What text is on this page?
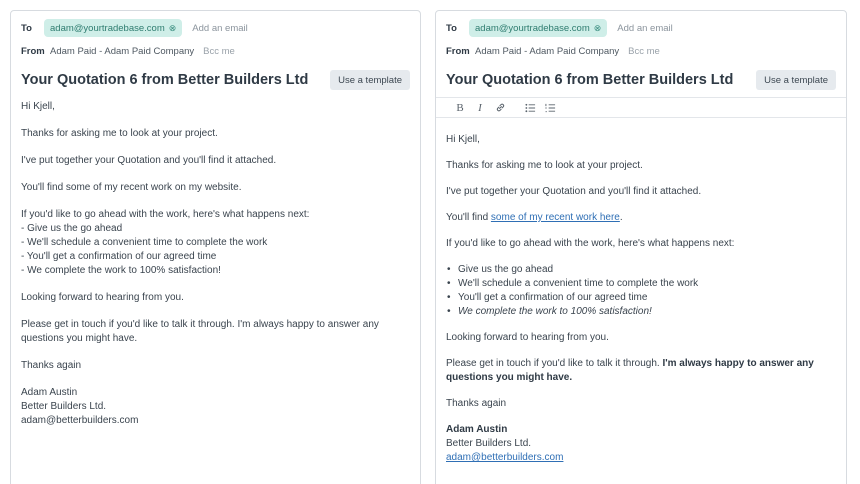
To	adam@yourtradebase.com ⊗ Add an email
From Adam Paid - Adam Paid Company Bcc me
Your Quotation 6 from Better Builders Ltd	Use a template

Hi Kjell,

Thanks for asking me to look at your project.

I've put together your Quotation and you'll find it attached.

You'll find some of my recent work on my website.

If you'd like to go ahead with the work, here's what happens next:

- Give us the go ahead

- We'll schedule a convenient time to complete the work

- You'll get a confirmation of our agreed time

- We complete the work to 100% satisfaction!

Looking forward to hearing from you.

Please get in touch if you'd like to talk it through. I'm always happy to answer any

questions you might have.

Thanks again

Adam Austin

Better Builders Ltd.

adam@betterbuilders.com

To	adam@yourtradebase.com ⊗ Add an email
From Adam Paid - Adam Paid Company Bcc me
Your Quotation 6 from Better Builders Ltd	Use a template
B I

Hi Kjell,

Thanks for asking me to look at your project.

I've put together your Quotation and you'll find it attached.

You'll find some of my recent work here.

If you'd like to go ahead with the work, here's what happens next:

• Give us the go ahead
• We'll schedule a convenient time to complete the work
• You'll get a confirmation of our agreed time
• We complete the work to 100% satisfaction!

Looking forward to hearing from you.

Please get in touch if you'd like to talk it through. I'm always happy to answer any

questions you might have.

Thanks again

Adam Austin

Better Builders Ltd.

adam@betterbuilders.com
